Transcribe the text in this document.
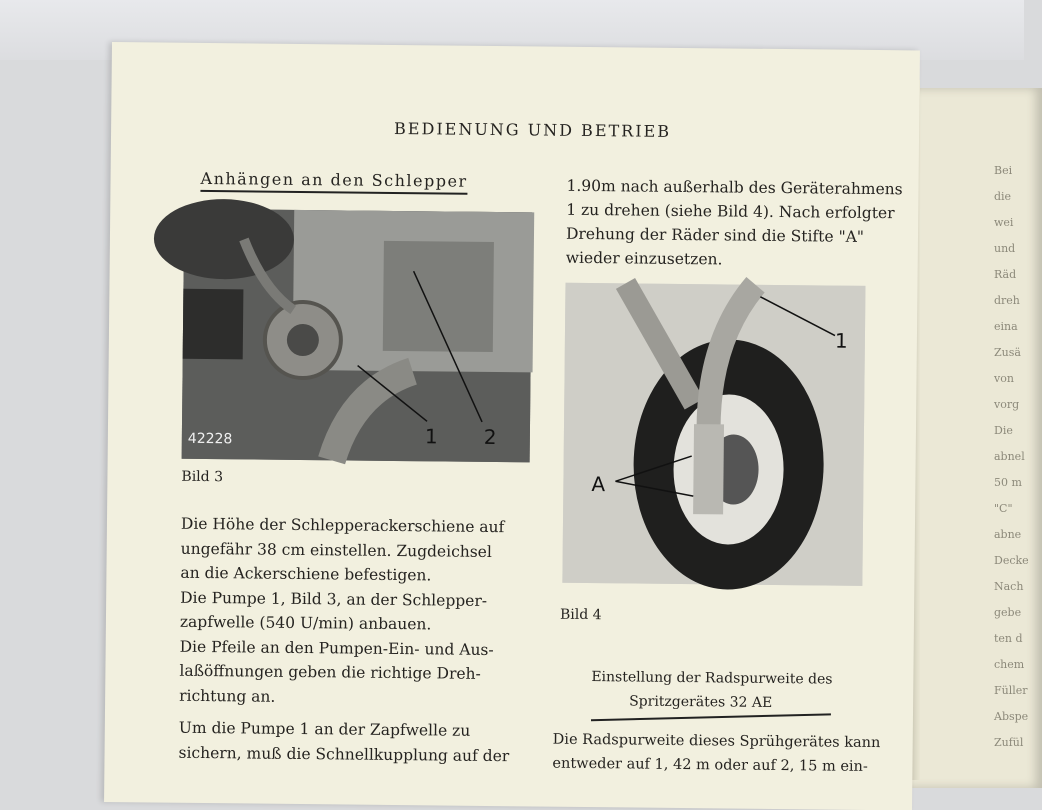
Bei
die
wei
und
Räd
dreh
eina
Zusä
von
vorg
Die
abnel
50 m
"C"
abne
Decke
Nach
gebe
ten d
chem
Füller
Abspe
Zufül
BEDIENUNG UND BETRIEB
Anhängen an den Schlepper
1 2
42228
Bild 3
Die Höhe der Schlepperackerschiene auf
ungefähr 38 cm einstellen. Zugdeichsel
an die Ackerschiene befestigen.
Die Pumpe 1, Bild 3, an der Schlepper-
zapfwelle (540 U/min) anbauen.
Die Pfeile an den Pumpen-Ein- und Aus-
laßöffnungen geben die richtige Dreh-
richtung an.
Um die Pumpe 1 an der Zapfwelle zu
sichern, muß die Schnellkupplung auf der
1.90m nach außerhalb des Geräterahmens
1 zu drehen (siehe Bild 4). Nach erfolgter
Drehung der Räder sind die Stifte "A"
wieder einzusetzen.
1
A
Bild 4
Einstellung der Radspurweite des
Spritzgerätes 32 AE
Die Radspurweite dieses Sprühgerätes kann
entweder auf 1, 42 m oder auf 2, 15 m ein-
